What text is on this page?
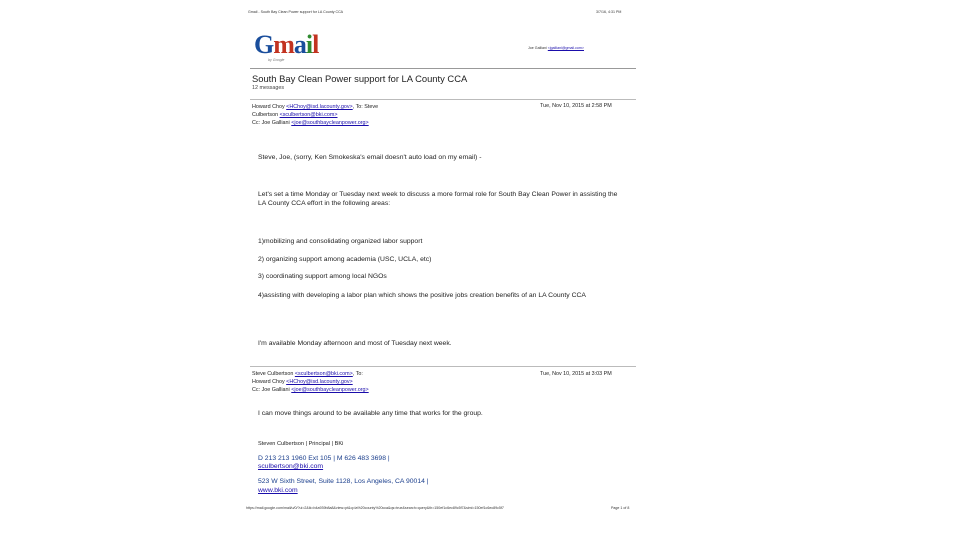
Gmail - South Bay Clean Power support for LA County CCA	3/7/16, 4:31 PM
Gmail
by Google
Joe Galliani <jgalliani@gmail.com>
South Bay Clean Power support for LA County CCA
12 messages
Howard Choy <HChoy@isd.lacounty.gov>, To: Steve
Culbertson <sculbertson@bki.com>
Cc: Joe Galliani <joe@southbaycleanpower.org>
Tue, Nov 10, 2015 at 2:58 PM
Steve, Joe, (sorry, Ken Smokeska's email doesn't auto load on my email) -
Let's set a time Monday or Tuesday next week to discuss a more formal role for South Bay Clean Power in assisting the LA County CCA effort in the following areas:
1)mobilizing and consolidating organized labor support
2) organizing support among academia (USC, UCLA, etc)
3) coordinating support among local NGOs
4)assisting with developing a labor plan which shows the positive jobs creation benefits of an LA County CCA
I'm available Monday afternoon and most of Tuesday next week.
Steve Culbertson <sculbertson@bki.com>, To:
Howard Choy <HChoy@isd.lacounty.gov>
Cc: Joe Galliani <joe@southbaycleanpower.org>
Tue, Nov 10, 2015 at 3:03 PM
I can move things around to be available any time that works for the group.
Steven Culbertson | Principal | BKi
D 213 213 1960 Ext 105 | M 626 483 3698 |
sculbertson@bki.com
523 W Sixth Street, Suite 1128, Los Angeles, CA 90014 |
www.bki.com
https://mail.google.com/mail/u/0/?ui=2&ik=b4a939b8a8&view=pt&q=la%20county%20cca&qs=true&search=query&th=150ef1c6ec89c5f7&siml=150ef1c6ec89c5f7	Page 1 of 8
